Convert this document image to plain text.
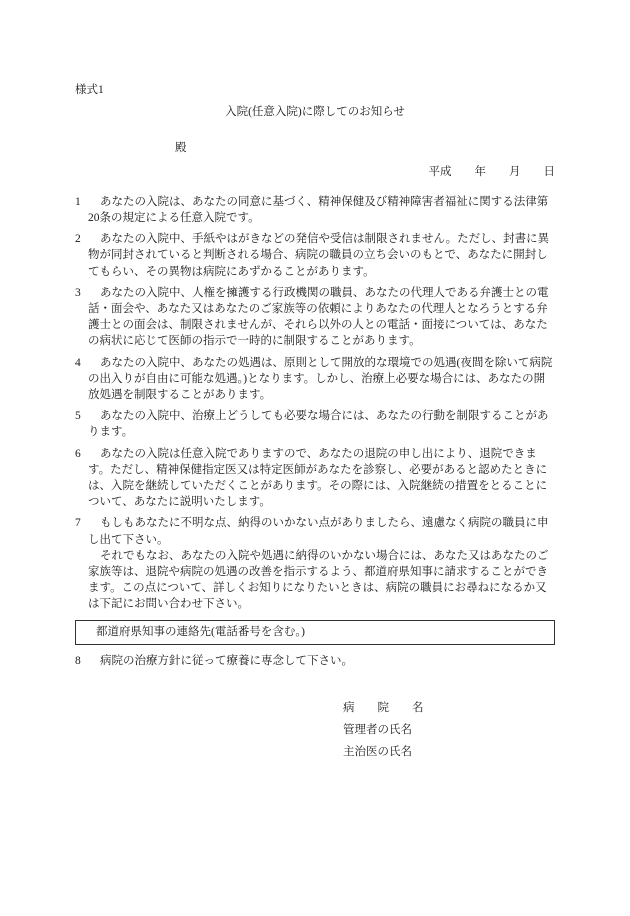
様式1
入院(任意入院)に際してのお知らせ
殿
平成　　年　　月　　日
1 あなたの入院は、あなたの同意に基づく、精神保健及び精神障害者福祉に関する法律第20条の規定による任意入院です。
2 あなたの入院中、手紙やはがきなどの発信や受信は制限されません。ただし、封書に異物が同封されていると判断される場合、病院の職員の立ち会いのもとで、あなたに開封してもらい、その異物は病院にあずかることがあります。
3 あなたの入院中、人権を擁護する行政機関の職員、あなたの代理人である弁護士との電話・面会や、あなた又はあなたのご家族等の依頼によりあなたの代理人となろうとする弁護士との面会は、制限されませんが、それら以外の人との電話・面接については、あなたの病状に応じて医師の指示で一時的に制限することがあります。
4 あなたの入院中、あなたの処遇は、原則として開放的な環境での処遇(夜間を除いて病院の出入りが自由に可能な処遇。)となります。しかし、治療上必要な場合には、あなたの開放処遇を制限することがあります。
5 あなたの入院中、治療上どうしても必要な場合には、あなたの行動を制限することがあります。
6 あなたの入院は任意入院でありますので、あなたの退院の申し出により、退院できます。ただし、精神保健指定医又は特定医師があなたを診察し、必要があると認めたときには、入院を継続していただくことがあります。その際には、入院継続の措置をとることについて、あなたに説明いたします。
7 もしもあなたに不明な点、納得のいかない点がありましたら、遠慮なく病院の職員に申し出て下さい。
それでもなお、あなたの入院や処遇に納得のいかない場合には、あなた又はあなたのご家族等は、退院や病院の処遇の改善を指示するよう、都道府県知事に請求することができます。この点について、詳しくお知りになりたいときは、病院の職員にお尋ねになるか又は下記にお問い合わせ下さい。
都道府県知事の連絡先(電話番号を含む。)
8 病院の治療方針に従って療養に専念して下さい。
病　　院　　名
管理者の氏名
主治医の氏名
